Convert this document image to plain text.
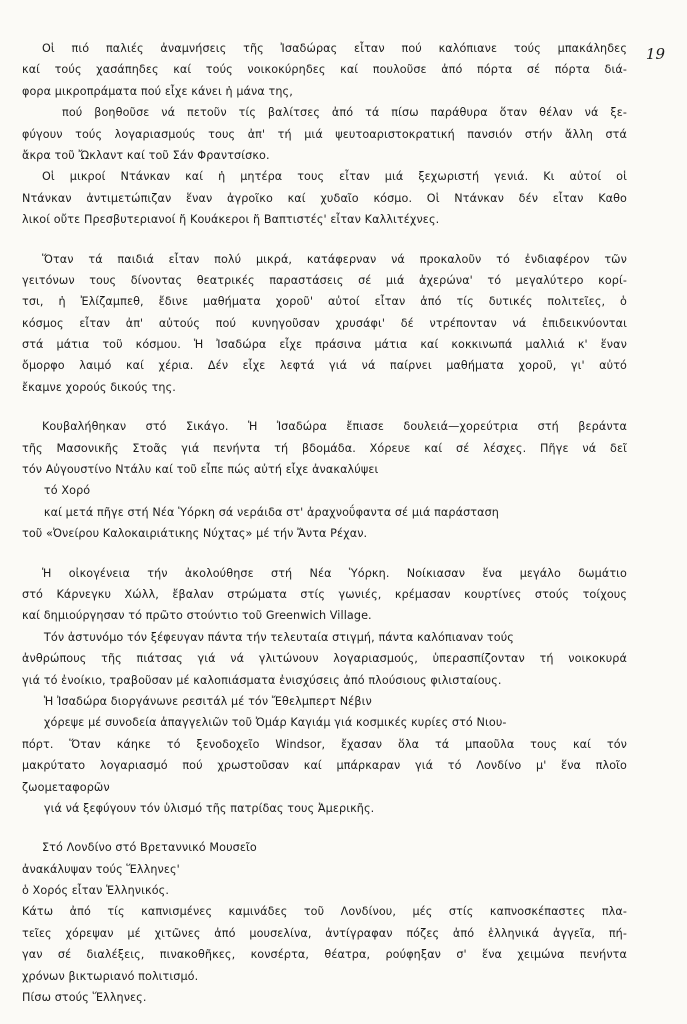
19
Οἱ πιό παλιές ἀναμνήσεις τῆς Ἰσαδώρας εἶταν πού καλόπιανε τούς μπακάληδες
καί τούς χασάπηδες καί τούς νοικοκύρηδες καί πουλοῦσε ἀπό πόρτα σέ πόρτα διά-
φορα μικροπράματα πού εἶχε κάνει ἡ μάνα της,
πού βοηθοῦσε νά πετοῦν τίς βαλίτσες ἀπό τά πίσω παράθυρα ὅταν θέλαν νά ξε-
φύγουν τούς λογαριασμούς τους ἀπ' τή μιά ψευτοαριστοκρατική πανσιόν στήν ἄλλη στά
ἄκρα τοῦ Ὤκλαντ καί τοῦ Σάν Φραντσίσκο.
Οἱ μικροί Ντάνκαν καί ἡ μητέρα τους εἶταν μιά ξεχωριστή γενιά. Κι αὐτοί οἱ
Ντάνκαν ἀντιμετώπιζαν ἕναν ἀγροῖκο καί χυδαῖο κόσμο. Οἱ Ντάνκαν δέν εἶταν Καθο
λικοί οὔτε Πρεσβυτεριανοί ἤ Κουάκεροι ἤ Βαπτιστές' εἶταν Καλλιτέχνες.
Ὅταν τά παιδιά εἶταν πολύ μικρά, κατάφερναν νά προκαλοῦν τό ἐνδιαφέρον τῶν
γειτόνων τους δίνοντας θεατρικές παραστάσεις σέ μιά ἀχερώνα' τό μεγαλύτερο κορί-
τσι, ἡ Ἐλίζαμπεθ, ἔδινε μαθήματα χοροῦ' αὐτοί εἶταν ἀπό τίς δυτικές πολιτεῖες, ὁ
κόσμος εἶταν ἀπ' αὐτούς πού κυνηγοῦσαν χρυσάφι' δέ ντρέπονταν νά ἐπιδεικνύονται
στά μάτια τοῦ κόσμου. Ἡ Ἰσαδώρα εἶχε πράσινα μάτια καί κοκκινωπά μαλλιά κ' ἕναν
ὄμορφο λαιμό καί χέρια. Δέν εἶχε λεφτά γιά νά παίρνει μαθήματα χοροῦ, γι' αὐτό
ἔκαμνε χορούς δικούς της.
Κουβαλήθηκαν στό Σικάγο. Ἡ Ἰσαδώρα ἔπιασε δουλειά—χορεύτρια στή βεράντα
τῆς Μασονικῆς Στοᾶς γιά πενήντα τή βδομάδα. Χόρευε καί σέ λέσχες. Πῆγε νά δεῖ
τόν Αὐγουστίνο Ντάλυ καί τοῦ εἶπε πώς αὐτή εἶχε ἀνακαλύψει
τό Χορό
καί μετά πῆγε στή Νέα Ὑόρκη σά νεράιδα στ' ἀραχνοΰφαντα σέ μιά παράσταση
τοῦ «Ὀνείρου Καλοκαιριάτικης Νύχτας» μέ τήν Ἄντα Ρέχαν.
Ἡ οἰκογένεια τήν ἀκολούθησε στή Νέα Ὑόρκη. Νοίκιασαν ἕνα μεγάλο δωμάτιο
στό Κάρνεγκυ Χώλλ, ἔβαλαν στρώματα στίς γωνιές, κρέμασαν κουρτίνες στούς τοίχους
καί δημιούργησαν τό πρῶτο στούντιο τοῦ Greenwich Village.
Τόν ἀστυνόμο τόν ξέφευγαν πάντα τήν τελευταία στιγμή, πάντα καλόπιαναν τούς
ἀνθρώπους τῆς πιάτσας γιά νά γλιτώνουν λογαριασμούς, ὑπερασπίζονταν τή νοικοκυρά
γιά τό ἐνοίκιο, τραβοῦσαν μέ καλοπιάσματα ἐνισχύσεις ἀπό πλούσιους φιλισταίους.
Ἡ Ἰσαδώρα διοργάνωνε ρεσιτάλ μέ τόν Ἔθελμπερτ Νέβιν
χόρεψε μέ συνοδεία ἀπαγγελιῶν τοῦ Ὀμάρ Καγιάμ γιά κοσμικές κυρίες στό Νιου-
πόρτ. Ὅταν κάηκε τό ξενοδοχεῖο Windsor, ἔχασαν ὅλα τά μπαοῦλα τους καί τόν
μακρύτατο λογαριασμό πού χρωστοῦσαν καί μπάρκαραν γιά τό Λονδίνο μ' ἕνα πλοῖο
ζωομεταφορῶν
γιά νά ξεφύγουν τόν ὑλισμό τῆς πατρίδας τους Ἀμερικῆς.
Στό Λονδίνο στό Βρεταννικό Μουσεῖο
ἀνακάλυψαν τούς Ἕλληνες'
ὁ Χορός εἶταν Ἑλληνικός.
Κάτω ἀπό τίς καπνισμένες καμινάδες τοῦ Λονδίνου, μές στίς καπνοσκέπαστες πλα-
τεῖες χόρεψαν μέ χιτῶνες ἀπό μουσελίνα, ἀντίγραφαν πόζες ἀπό ἑλληνικά ἀγγεῖα, πή-
γαν σέ διαλέξεις, πινακοθῆκες, κονσέρτα, θέατρα, ρούφηξαν σ' ἕνα χειμώνα πενήντα
χρόνων βικτωριανό πολιτισμό.
Πίσω στούς Ἕλληνες.
